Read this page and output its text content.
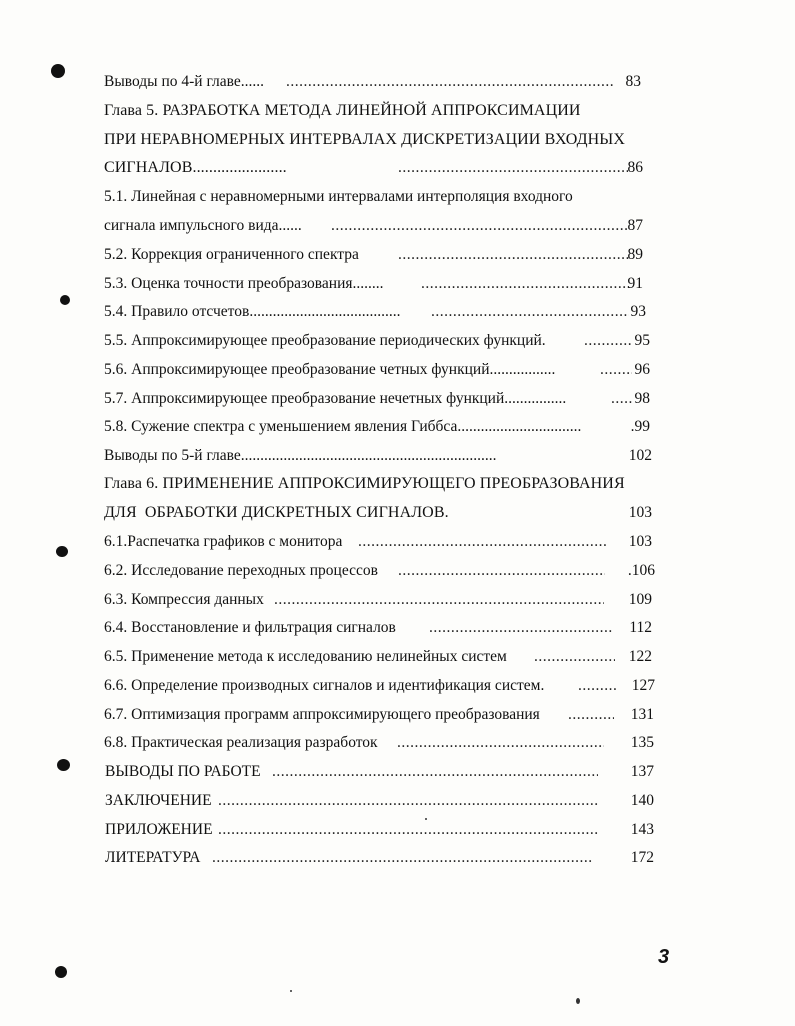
Выводы по 4-й главе...... .....	83
Глава 5. РАЗРАБОТКА МЕТОДА ЛИНЕЙНОЙ АППРОКСИМАЦИИ
ПРИ НЕРАВНОМЕРНЫХ ИНТЕРВАЛАХ ДИСКРЕТИЗАЦИИ ВХОДНЫХ
СИГНАЛОВ....................... .....	86
5.1. Линейная с неравномерными интервалами интерполяция входного
сигнала импульсного вида...... .....	87
5.2. Коррекция ограниченного спектра .....	89
5.3. Оценка точности преобразования........ .....	91
5.4. Правило отсчетов....................................... .....	93
5.5. Аппроксимирующее преобразование периодических функций. .....	95
5.6. Аппроксимирующее преобразование четных функций................. .....	96
5.7. Аппроксимирующее преобразование нечетных функций................ .....	98
5.8. Сужение спектра с уменьшением явления Гиббса................................	.99
Выводы по 5-й главе..................................................................	102
Глава 6. ПРИМЕНЕНИЕ АППРОКСИМИРУЮЩЕГО ПРЕОБРАЗОВАНИЯ
ДЛЯ  ОБРАБОТКИ ДИСКРЕТНЫХ СИГНАЛОВ.	103
6.1.Распечатка графиков с монитора .....	103
6.2. Исследование переходных процессов .....	.106
6.3. Компрессия данных .....	109
6.4. Восстановление и фильтрация сигналов .....	112
6.5. Применение метода к исследованию нелинейных систем .....	122
6.6. Определение производных сигналов и идентификация систем. .....	127
6.7. Оптимизация программ аппроксимирующего преобразования .....	131
6.8. Практическая реализация разработок .....	135
ВЫВОДЫ ПО РАБОТЕ .....	137
ЗАКЛЮЧЕНИЕ .....	140
ПРИЛОЖЕНИЕ .....	143
ЛИТЕРАТУРА .....	172
3
